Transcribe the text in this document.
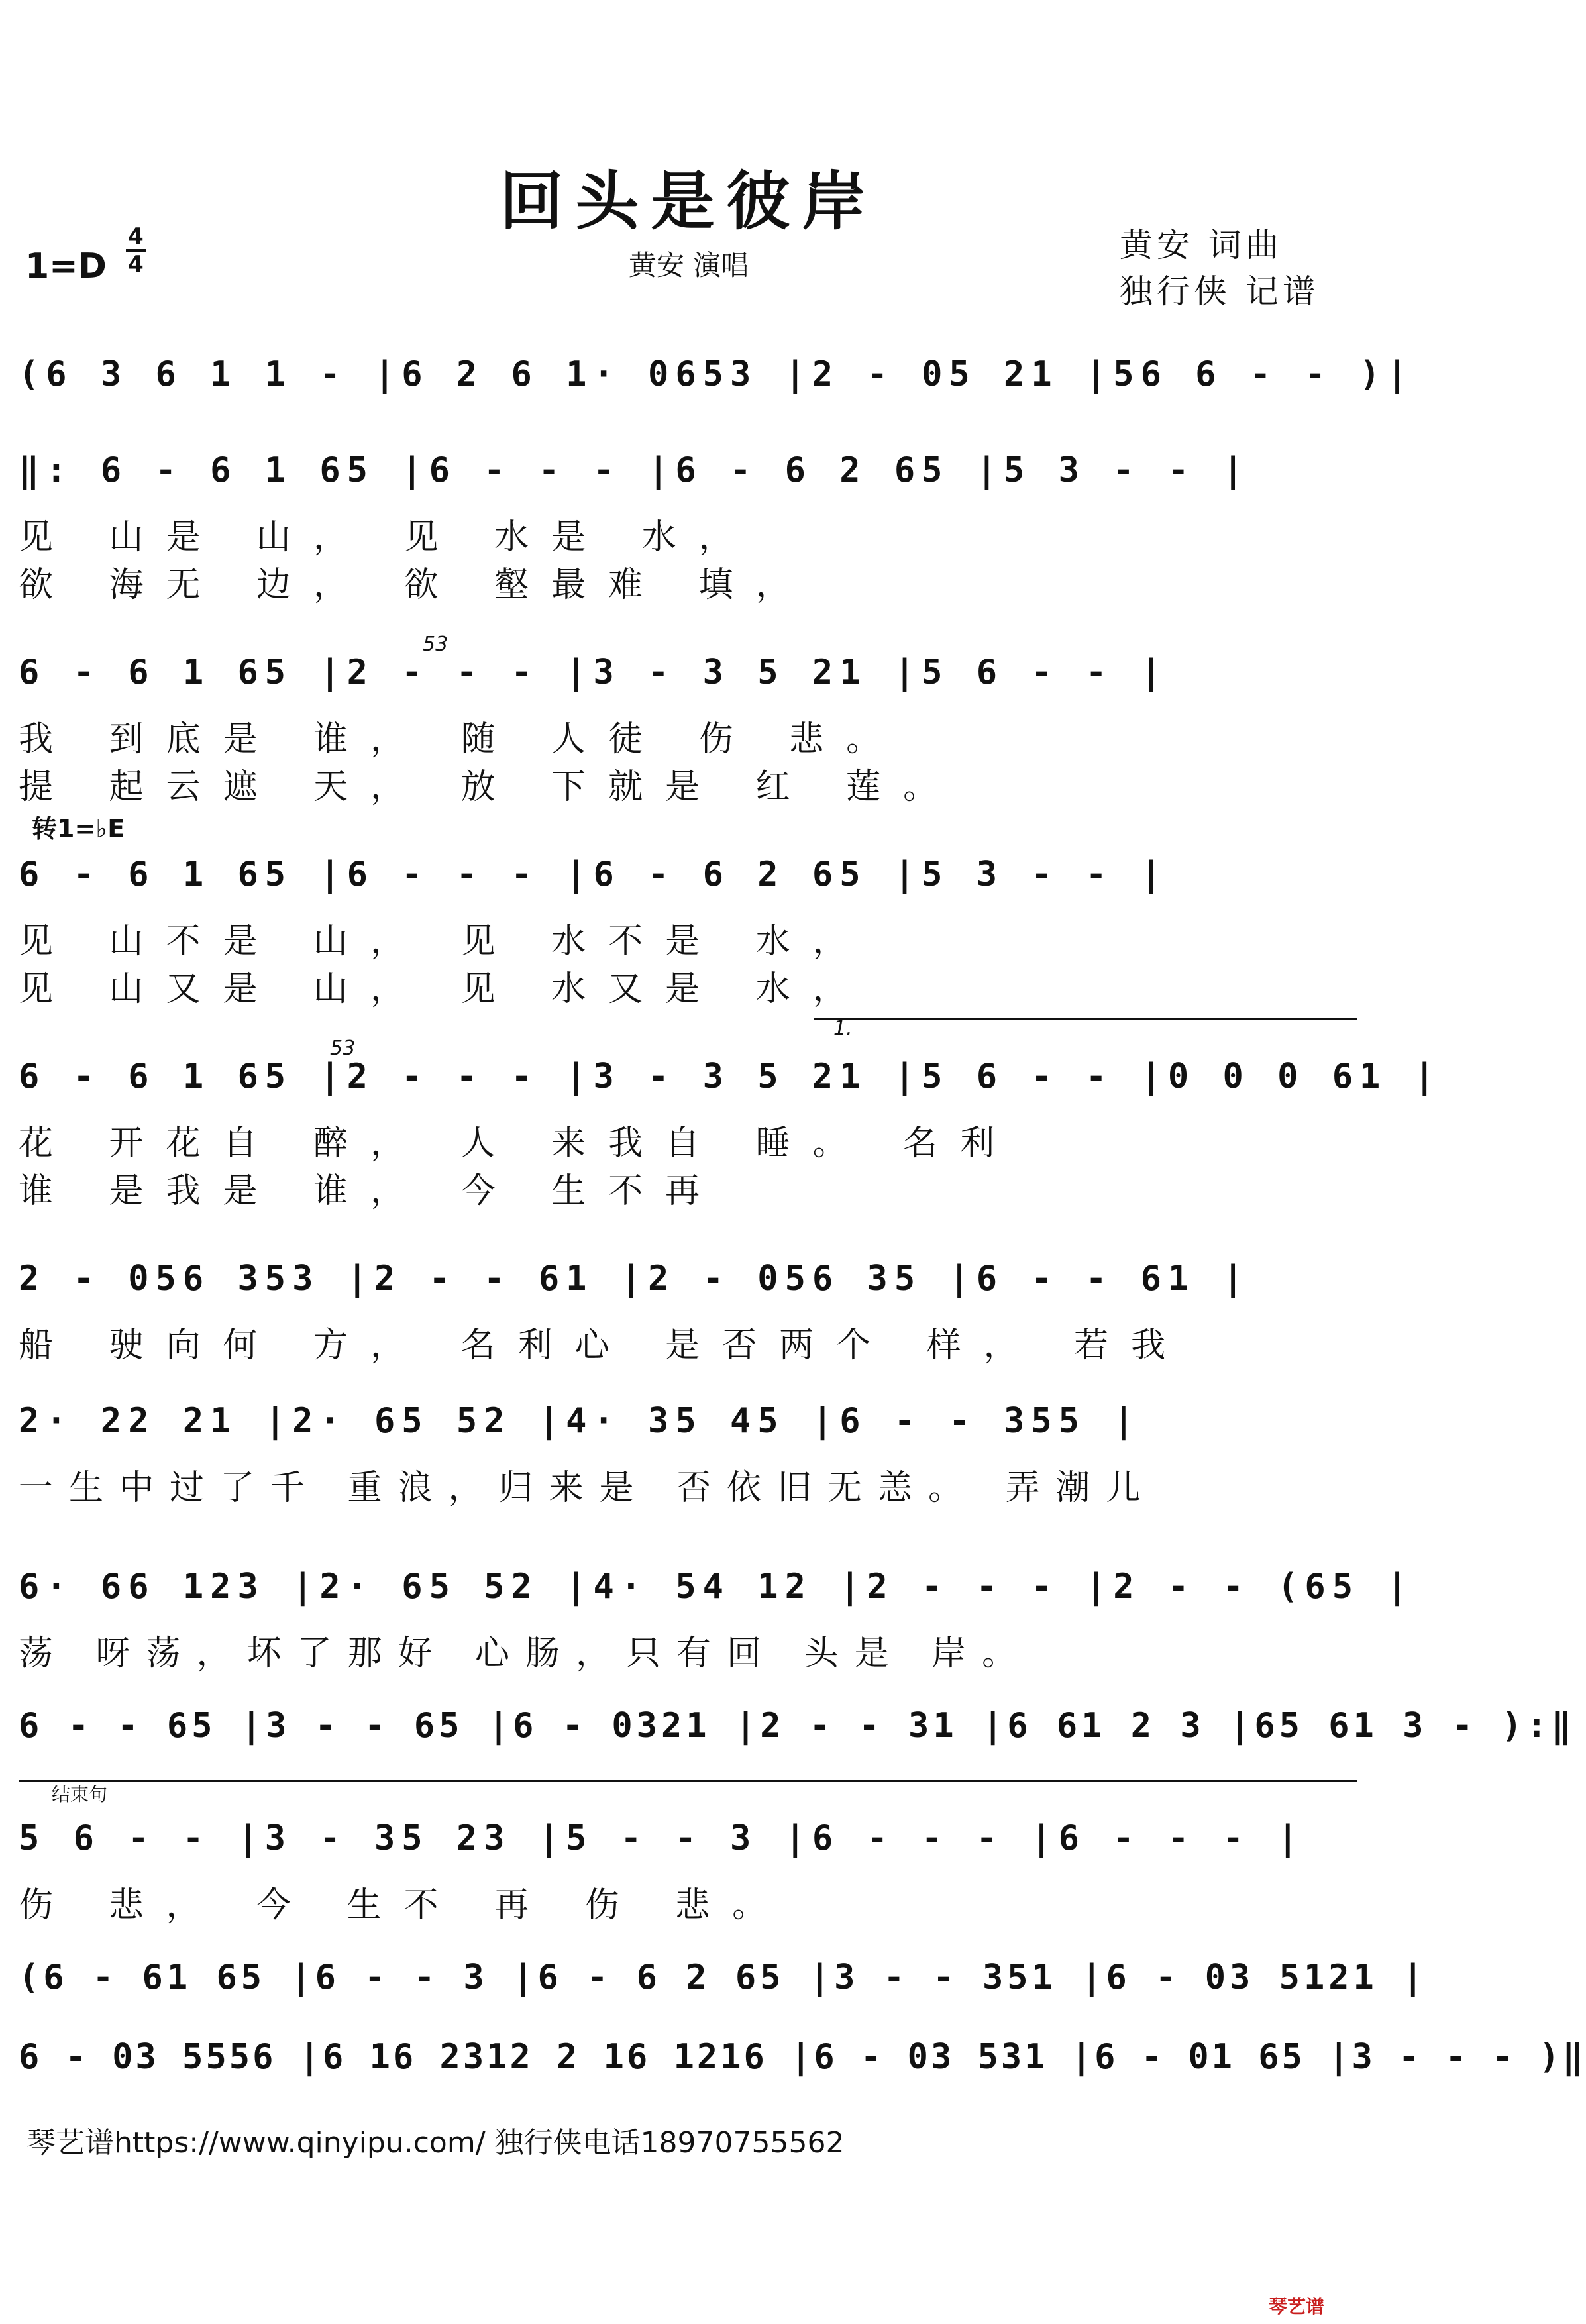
回头是彼岸
1=D
4
4	黄安 演唱
黄安 词曲
独行侠 记谱
(6 3 6 1 1 - |6 2 6 1· 0653 |2 - 05 21 |56 6 - - )|
‖: 6 - 6 1 65 |6 - - - |6 - 6 2 65 |5 3 - - |
见 山是 山， 见 水是 水，
欲 海无 边， 欲 壑最难 填，
53
6 - 6 1 65 |2 - - - |3 - 3 5 21 |5 6 - - |
我 到底是 谁， 随 人徒 伤 悲。
提 起云遮 天， 放 下就是 红 莲。
转1=♭E
6 - 6 1 65 |6 - - - |6 - 6 2 65 |5 3 - - |
见 山不是 山， 见 水不是 水，
见 山又是 山， 见 水又是 水，
1.
53
6 - 6 1 65 |2 - - - |3 - 3 5 21 |5 6 - - |0 0 0 61 |
花 开花自 醉， 人 来我自 睡。 名利
谁 是我是 谁， 今 生不再
2 - 056 353 |2 - - 61 |2 - 056 35 |6 - - 61 |
船 驶向何 方， 名利心 是否两个 样， 若我
2· 22 21 |2· 65 52 |4· 35 45 |6 - - 355 |
一生中过了千 重浪，归来是 否依旧无恙。 弄潮儿
6· 66 123 |2· 65 52 |4· 54 12 |2 - - - |2 - - (65 |
荡 呀荡，坏了那好 心肠，只有回 头是 岸。
6 - - 65 |3 - - 65 |6 - 0321 |2 - - 31 |6 61 2 3 |65 61 3 - ):‖
结束句
5 6 - - |3 - 35 23 |5 - - 3 |6 - - - |6 - - - |
伤 悲， 今 生不 再 伤 悲。
(6 - 61 65 |6 - - 3 |6 - 6 2 65 |3 - - 351 |6 - 03 5121 |
6 - 03 5556 |6 16 2312 2 16 1216 |6 - 03 531 |6 - 01 65 |3 - - - )‖
琴艺谱https://www.qinyipu.com/ 独行侠电话18970755562
琴艺谱
